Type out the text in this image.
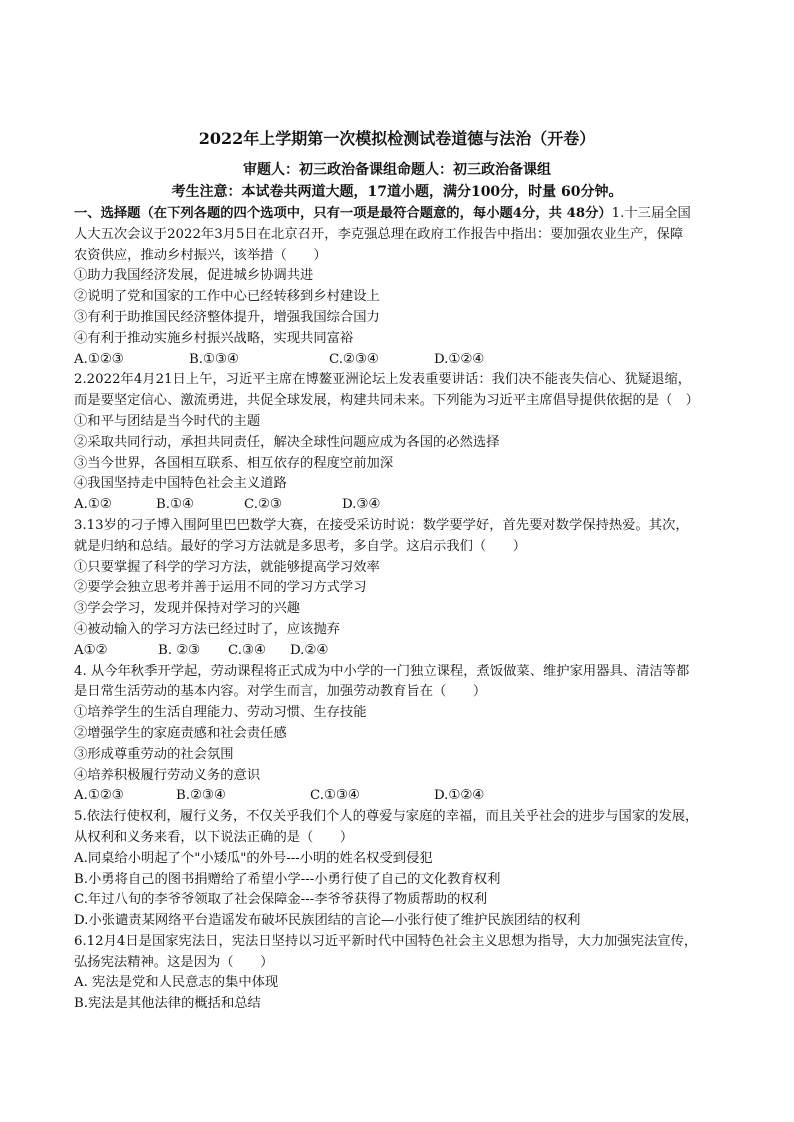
2022年上学期第一次模拟检测试卷道德与法治（开卷）
审题人：初三政治备课组命题人：初三政治备课组
考生注意：本试卷共两道大题，17道小题，满分100分，时量 60分钟。
一、选择题（在下列各题的四个选项中，只有一项是最符合题意的，每小题4分，共 48分）1.十三届全国
人大五次会议于2022年3月5日在北京召开，李克强总理在政府工作报告中指出：要加强农业生产，保障
农资供应，推动乡村振兴，该举措（　　）
①助力我国经济发展，促进城乡协调共进
②说明了党和国家的工作中心已经转移到乡村建设上
③有利于助推国民经济整体提升，增强我国综合国力
④有利于推动实施乡村振兴战略，实现共同富裕
A.①②③	B.①③④	C.②③④	D.①②④
2.2022年4月21日上午，习近平主席在博鳌亚洲论坛上发表重要讲话：我们决不能丧失信心、犹疑退缩，
而是要坚定信心、激流勇进，共促全球发展，构建共同未来。下列能为习近平主席倡导提供依据的是（　）
①和平与团结是当今时代的主题
②采取共同行动，承担共同责任，解决全球性问题应成为各国的必然选择
③当今世界，各国相互联系、相互依存的程度空前加深
④我国坚持走中国特色社会主义道路
A.①②	B.①④	C.②③	D.③④
3.13岁的刁子博入围阿里巴巴数学大赛，在接受采访时说：数学要学好，首先要对数学保持热爱。其次，
就是归纳和总结。最好的学习方法就是多思考，多自学。这启示我们（　　）
①只要掌握了科学的学习方法，就能够提高学习效率
②要学会独立思考并善于运用不同的学习方式学习
③学会学习，发现并保持对学习的兴趣
④被动输入的学习方法已经过时了，应该抛弃
A①②	B. ②③	C.③④	D.②④
4. 从今年秋季开学起，劳动课程将正式成为中小学的一门独立课程，煮饭做菜、维护家用器具、清洁等都
是日常生活劳动的基本内容。对学生而言，加强劳动教育旨在（　　）
①培养学生的生活自理能力、劳动习惯、生存技能
②增强学生的家庭责感和社会责任感
③形成尊重劳动的社会氛围
④培养积极履行劳动义务的意识
A.①②③	B.②③④	C.①③④	D.①②④
5.依法行使权利，履行义务，不仅关乎我们个人的尊爱与家庭的幸福，而且关乎社会的进步与国家的发展，
从权利和义务来看，以下说法正确的是（　　）
A.同桌给小明起了个"小矮瓜"的外号---小明的姓名权受到侵犯
B.小勇将自己的图书捐赠给了希望小学---小勇行使了自己的文化教育权利
C.年过八旬的李爷爷领取了社会保障金---李爷爷获得了物质帮助的权利
D.小张谴责某网络平台造谣发布破坏民族团结的言论—小张行使了维护民族团结的权利
6.12月4日是国家宪法日，宪法日坚持以习近平新时代中国特色社会主义思想为指导，大力加强宪法宣传，
弘扬宪法精神。这是因为（　　）
A. 宪法是党和人民意志的集中体现
B.宪法是其他法律的概括和总结
